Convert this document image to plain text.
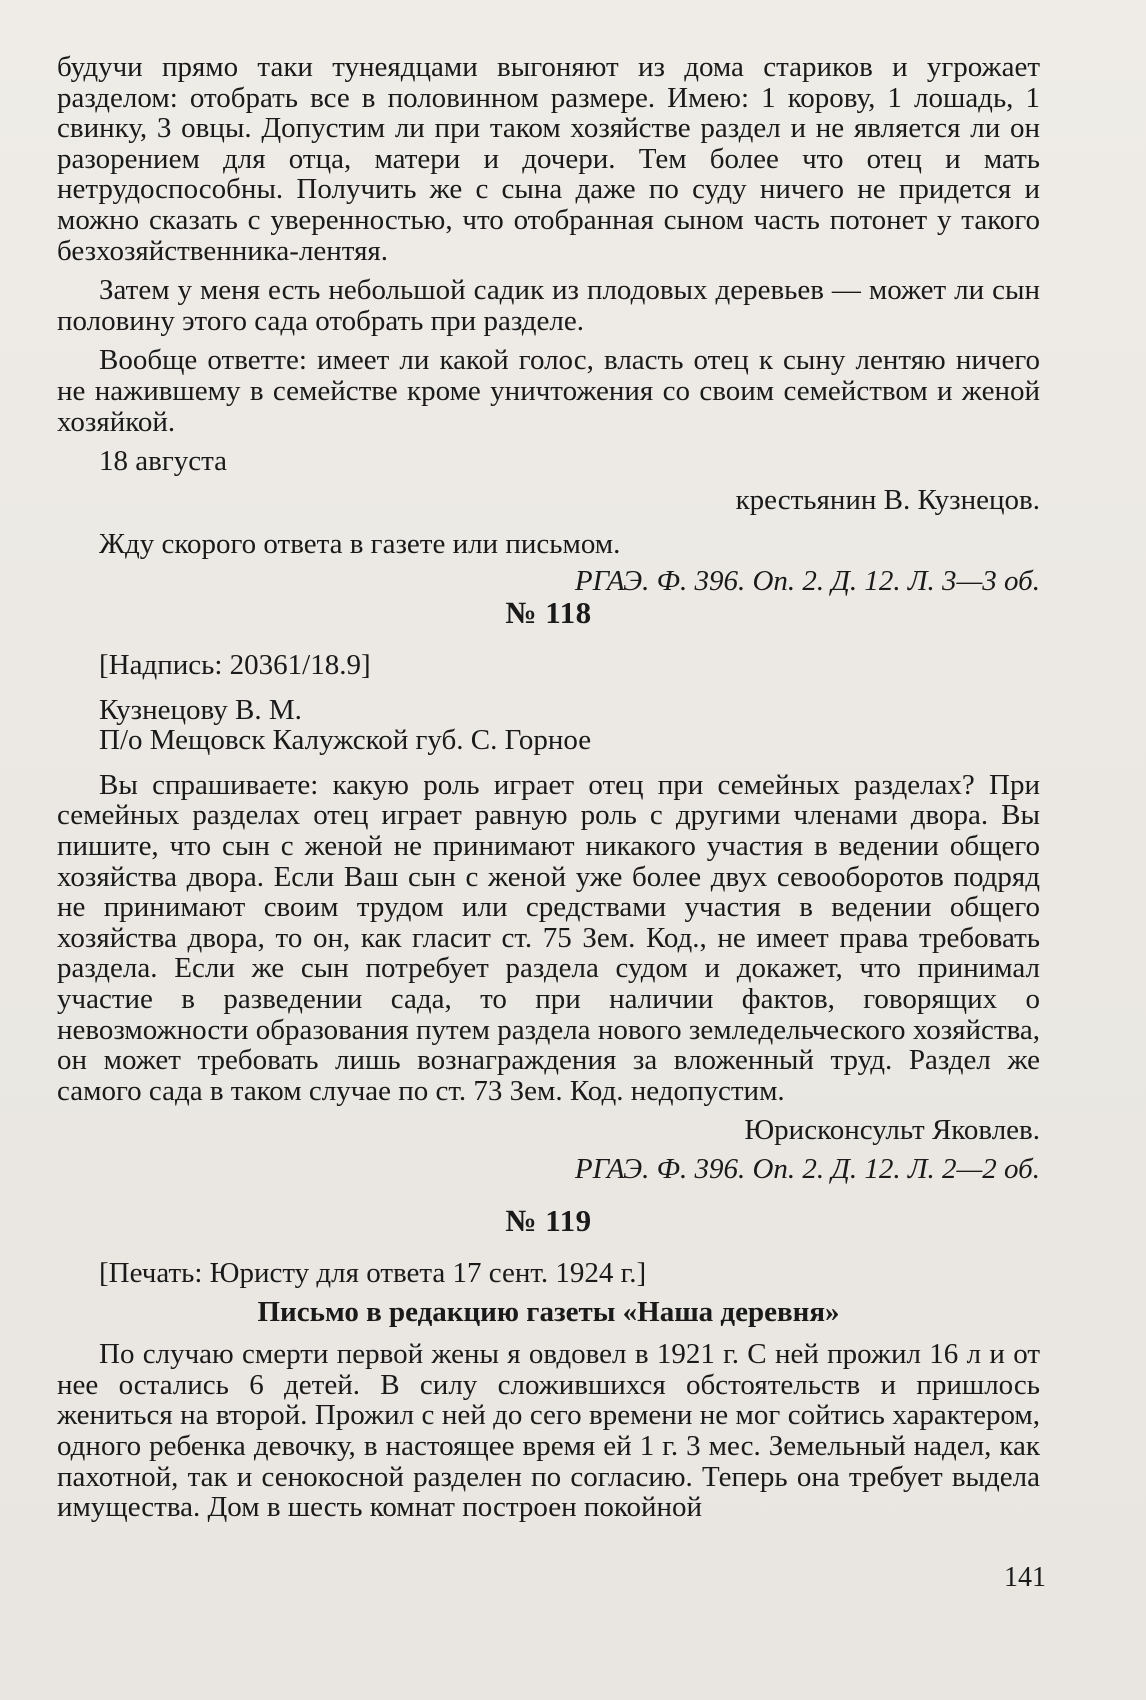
будучи прямо таки тунеядцами выгоняют из дома стариков и угрожает разделом: отобрать все в половинном размере. Имею: 1 корову, 1 лошадь, 1 свинку, 3 овцы. Допустим ли при таком хозяйстве раздел и не является ли он разорением для отца, матери и дочери. Тем более что отец и мать нетрудоспособны. Получить же с сына даже по суду ничего не придется и можно сказать с уверенностью, что отобранная сыном часть потонет у такого безхозяйственника-лентяя.

Затем у меня есть небольшой садик из плодовых деревьев — может ли сын половину этого сада отобрать при разделе.

Вообще ответте: имеет ли какой голос, власть отец к сыну лентяю ничего не нажившему в семействе кроме уничтожения со своим семейством и женой хозяйкой.

18 августа

крестьянин В. Кузнецов.

Жду скорого ответа в газете или письмом.

РГАЭ. Ф. 396. Оп. 2. Д. 12. Л. 3—3 об.

№ 118

[Надпись: 20361/18.9]

Кузнецову В. М.

П/о Мещовск Калужской губ. С. Горное

Вы спрашиваете: какую роль играет отец при семейных разделах? При семейных разделах отец играет равную роль с другими членами двора. Вы пишите, что сын с женой не принимают никакого участия в ведении общего хозяйства двора. Если Ваш сын с женой уже более двух севооборотов подряд не принимают своим трудом или средствами участия в ведении общего хозяйства двора, то он, как гласит ст. 75 Зем. Код., не имеет права требовать раздела. Если же сын потребует раздела судом и докажет, что принимал участие в разведении сада, то при наличии фактов, говорящих о невозможности образования путем раздела нового земледельческого хозяйства, он может требовать лишь вознаграждения за вложенный труд. Раздел же самого сада в таком случае по ст. 73 Зем. Код. недопустим.

Юрисконсульт Яковлев.

РГАЭ. Ф. 396. Оп. 2. Д. 12. Л. 2—2 об.

№ 119

[Печать: Юристу для ответа 17 сент. 1924 г.]

Письмо в редакцию газеты «Наша деревня»

По случаю смерти первой жены я овдовел в 1921 г. С ней прожил 16 л и от нее остались 6 детей. В силу сложившихся обстоятельств и пришлось жениться на второй. Прожил с ней до сего времени не мог сойтись характером, одного ребенка девочку, в настоящее время ей 1 г. 3 мес. Земельный надел, как пахотной, так и сенокосной разделен по согласию. Теперь она требует выдела имущества. Дом в шесть комнат построен покойной

141
